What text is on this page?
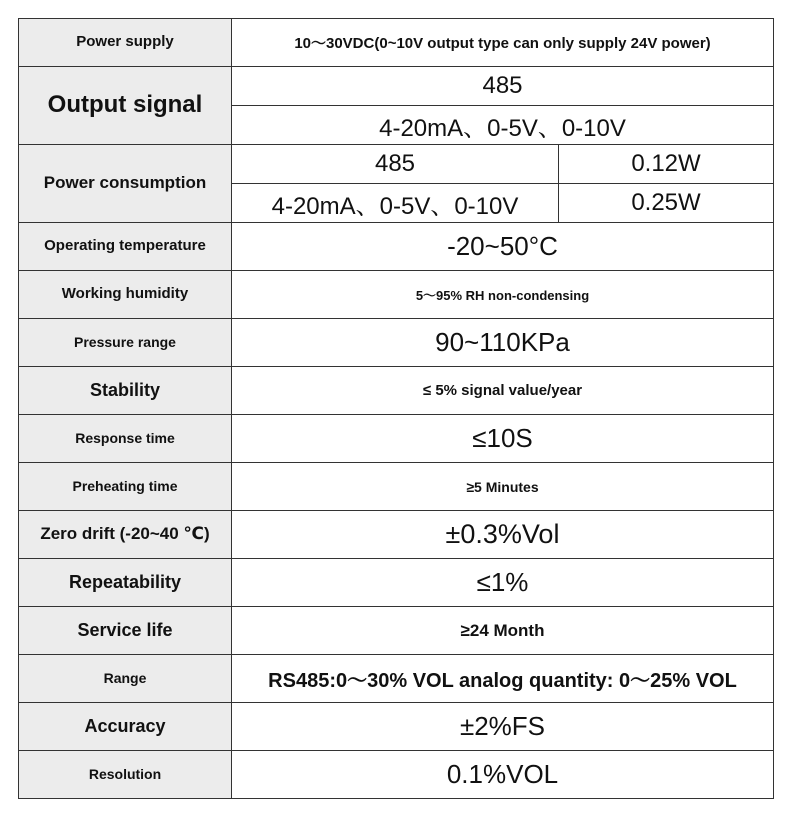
Power supply	10～30VDC(0~10V output type can only supply 24V power)	
Output signal	485	
	4-20mA、0-5V、0-10V	
Power consumption	485	0.12W
	4-20mA、0-5V、0-10V	0.25W
Operating temperature	-20~50°C	
Working humidity	5～95% RH non-condensing	
Pressure range	90~110KPa	
Stability	≤ 5% signal value/year	
Response time	≤10S	
Preheating time	≥5 Minutes	
Zero drift (-20~40 ℃)	±0.3%Vol	
Repeatability	≤1%	
Service life	≥24 Month	
Range	RS485:0～30% VOL analog quantity: 0～25% VOL	
Accuracy	±2%FS	
Resolution	0.1%VOL	
